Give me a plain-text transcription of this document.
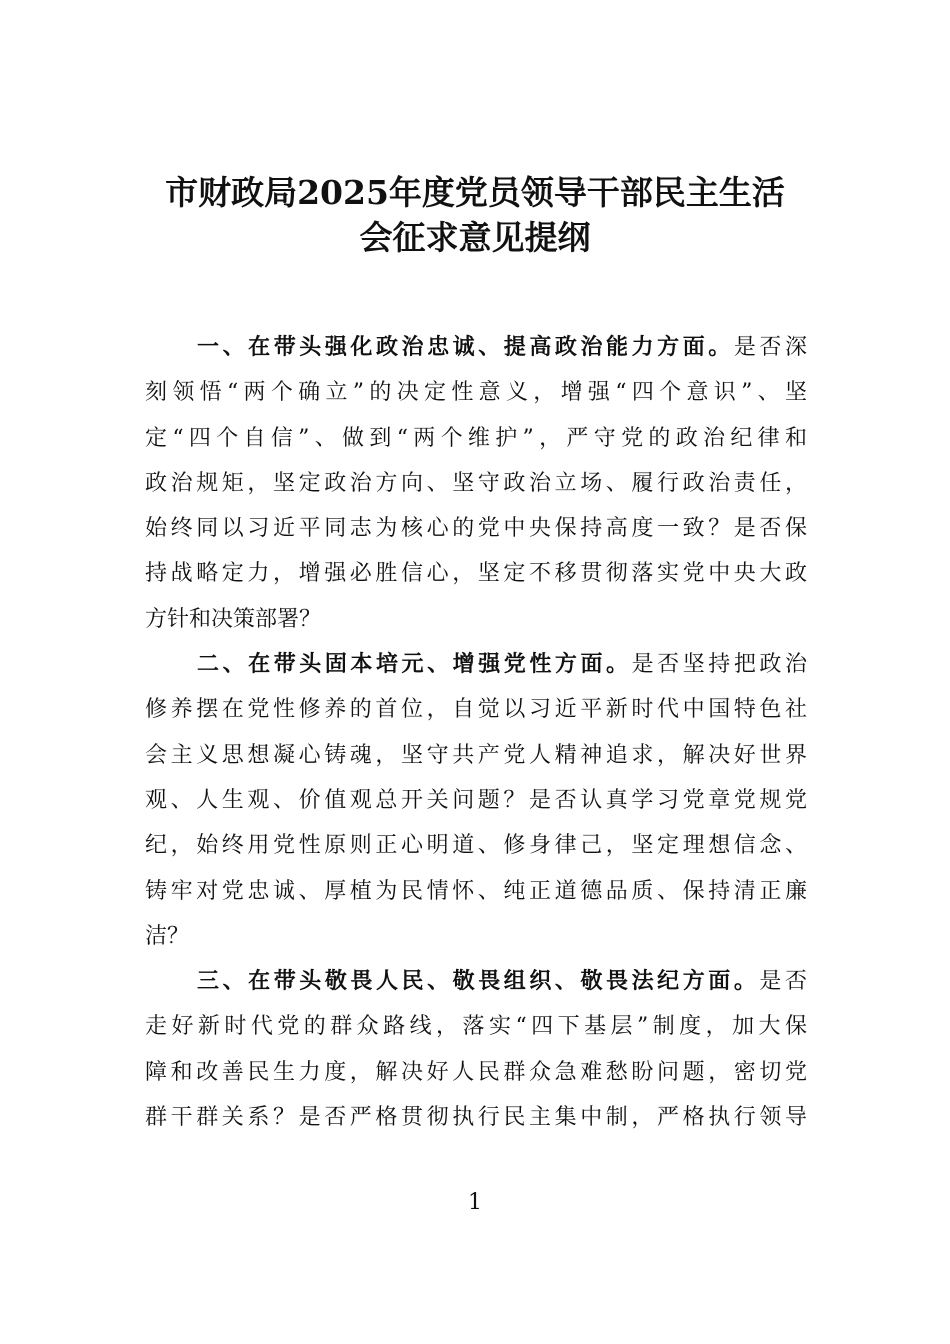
市财政局2025年度党员领导干部民主生活
会征求意见提纲
一、在带头强化政治忠诚、提高政治能力方面。是否深
刻领悟“两个确立”的决定性意义，增强“四个意识”、坚
定“四个自信”、做到“两个维护”，严守党的政治纪律和
政治规矩，坚定政治方向、坚守政治立场、履行政治责任，
始终同以习近平同志为核心的党中央保持高度一致？是否保
持战略定力，增强必胜信心，坚定不移贯彻落实党中央大政
方针和决策部署？
二、在带头固本培元、增强党性方面。是否坚持把政治
修养摆在党性修养的首位，自觉以习近平新时代中国特色社
会主义思想凝心铸魂，坚守共产党人精神追求，解决好世界
观、人生观、价值观总开关问题？是否认真学习党章党规党
纪，始终用党性原则正心明道、修身律己，坚定理想信念、
铸牢对党忠诚、厚植为民情怀、纯正道德品质、保持清正廉
洁？
三、在带头敬畏人民、敬畏组织、敬畏法纪方面。是否
走好新时代党的群众路线，落实“四下基层”制度，加大保
障和改善民生力度，解决好人民群众急难愁盼问题，密切党
群干群关系？是否严格贯彻执行民主集中制，严格执行领导
1
